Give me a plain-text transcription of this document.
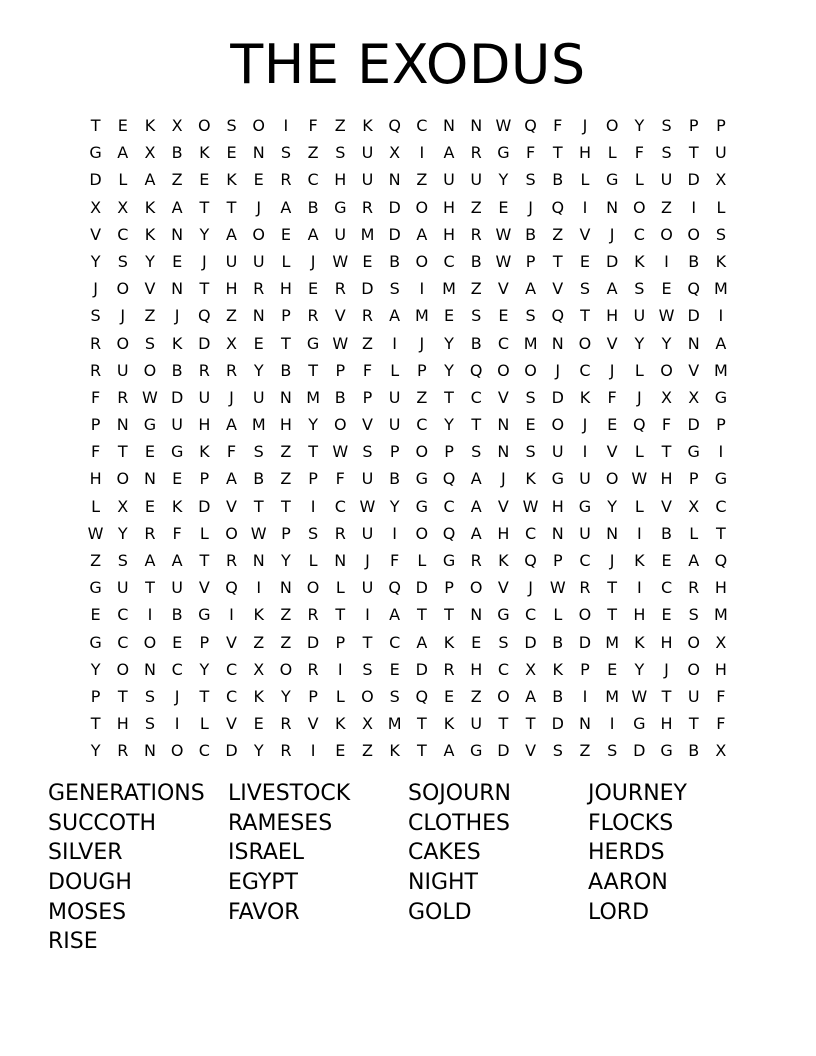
THE EXODUS
T	E	K	X O S O	I	F	Z	K Q C N N W Q	F	J	O	Y	S	P	P
G A	X	B	K	E	N	S	Z	S	U X	I	A	R G	F	T	H	L	F	S	T	U
D	L	A	Z	E	K	E	R	C H U N Z U U	Y	S	B	L	G	L	U D X
X	X	K	A	T	T	J	A	B G R D O H Z	E	J	Q	I	N O Z	I	L
V	C	K N	Y	A O E	A U M D A H R W B	Z	V	J	C O O S
Y	S	Y	E	J	U U	L	J	W E	B O C	B W P	T	E D K	I	B	K
J	O V N	T	H R H	E	R D S	I	M Z	V	A	V	S	A	S	E Q M
S	J	Z	J	Q Z N	P	R	V	R	A M E	S	E	S Q	T	H U W D	I
R O S	K D X	E	T	G W Z	I	J	Y	B	C M N O V	Y	Y	N A
R U O B	R	R	Y	B	T	P	F	L	P	Y	Q O O	J	C	J	L	O V M
F	R W D U	J	U N M B	P	U Z	T	C	V	S D K	F	J	X	X G
P	N G U H A M H	Y	O V U C	Y	T	N	E O	J	E Q	F	D	P
F	T	E G K	F	S	Z	T W S	P	O	P	S	N	S	U	I	V	L	T	G	I
H O N	E	P	A	B	Z	P	F	U B G Q A	J	K G U O W H	P	G
L	X	E	K D V	T	T	I	C W Y	G C	A	V W H G	Y	L	V	X	C
W Y	R	F	L	O W P	S	R U	I	O Q A H C N U N	I	B	L	T
Z	S	A	A	T	R N	Y	L	N	J	F	L	G R	K Q	P	C	J	K	E	A Q
G U	T	U V Q	I	N O	L	U Q D	P	O V	J	W R	T	I	C	R H
E	C	I	B G	I	K	Z	R	T	I	A	T	T	N G C	L	O	T	H	E	S M
G C O E	P	V	Z	Z D	P	T	C	A	K	E	S D B D M K H O X
Y	O N C	Y	C	X O R	I	S	E D R H C	X	K	P	E	Y	J	O H
P	T	S	J	T	C	K	Y	P	L	O S Q E	Z O A	B	I	M W T	U	F
T	H	S	I	L	V	E	R	V	K	X M T	K	U	T	T	D N	I	G H	T	F
Y	R N O C D	Y	R	I	E	Z	K	T	A G D V	S	Z	S D G B	X
GENERATIONS	LIVESTOCK	SOJOURN	JOURNEY
SUCCOTH	RAMESES	CLOTHES	FLOCKS
SILVER	ISRAEL	CAKES	HERDS
DOUGH	EGYPT	NIGHT	AARON
MOSES	FAVOR	GOLD	LORD
RISE
